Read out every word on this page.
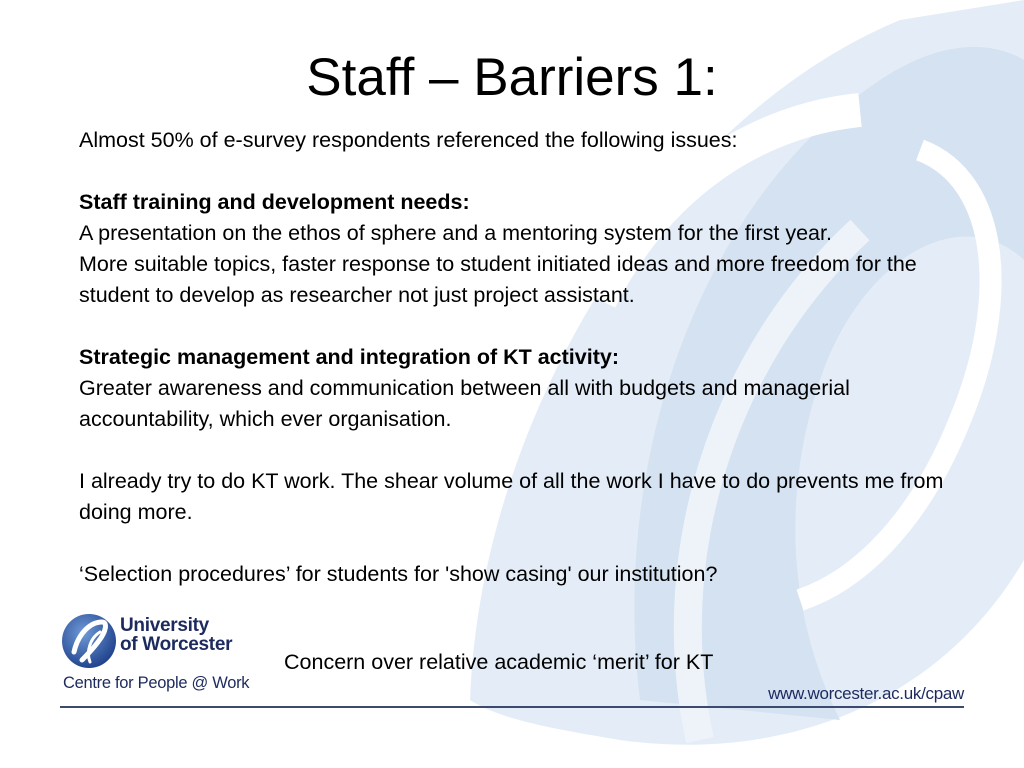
Staff – Barriers 1:

Almost 50% of e-survey respondents referenced the following issues:

Staff training and development needs:

A presentation on the ethos of sphere and a mentoring system for the first year.

More suitable topics, faster response to student initiated ideas and more freedom for the student to develop as researcher not just project assistant.

Strategic management and integration of KT activity:

Greater awareness and communication between all with budgets and managerial accountability, which ever organisation.

I already try to do KT work. The shear volume of all the work I have to do prevents me from doing more.

‘Selection procedures’ for students for 'show casing' our institution?

Concern over relative academic ‘merit’ for KT
University
of Worcester
Centre for People @ Work
www.worcester.ac.uk/cpaw
